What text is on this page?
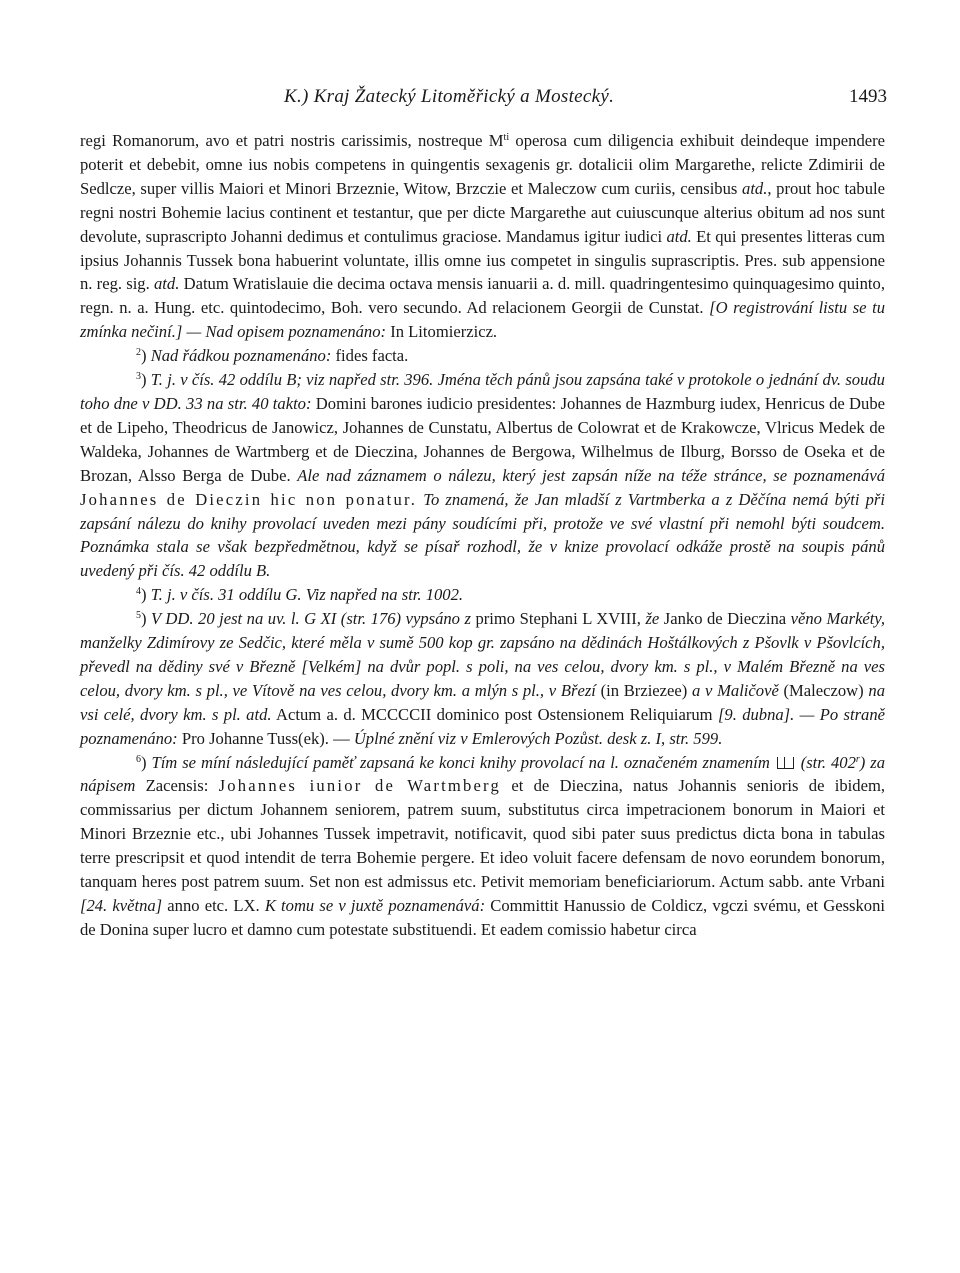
K.) Kraj Žatecký Litoměřický a Mostecký.	1493

regi Romanorum, avo et patri nostris carissimis, nostreque $M^{ti}$ operosa cum diligencia exhibuit deindeque impendere poterit et debebit, omne ius nobis competens in quingentis sexagenis gr. dotalicii olim Margarethe, relicte Zdimirii de Sedlcze, super villis Maiori et Minori Brzeznie, Witow, Brzczie et Maleczow cum curiis, censibus atd., prout hoc tabule regni nostri Bohemie lacius continent et testantur, que per dicte Margarethe aut cuiuscunque alterius obitum ad nos sunt devolute, suprascripto Johanni dedimus et contulimus graciose. Mandamus igitur iudici atd. Et qui presentes litteras cum ipsius Johannis Tussek bona habuerint voluntate, illis omne ius competet in singulis suprascriptis. Pres. sub appensione n. reg. sig. atd. Datum Wratislauie die decima octava mensis ianuarii a. d. mill. quadringentesimo quinquagesimo quinto, regn. n. a. Hung. etc. quintodecimo, Boh. vero secundo. Ad relacionem Georgii de Cunstat. [O registrování listu se tu zmínka nečiní.] — Nad opisem poznamenáno: In Litomierzicz.

$^2$) Nad řádkou poznamenáno: fides facta.

$^3$) T. j. v čís. 42 oddílu B; viz napřed str. 396. Jména těch pánů jsou zapsána také v protokole o jednání dv. soudu toho dne v DD. 33 na str. 40 takto: Domini barones iudicio presidentes: Johannes de Hazmburg iudex, Henricus de Dube et de Lipeho, Theodricus de Janowicz, Johannes de Cunstatu, Albertus de Colowrat et de Krakowcze, Vlricus Medek de Waldeka, Johannes de Wartmberg et de Dieczina, Johannes de Bergowa, Wilhelmus de Ilburg, Borsso de Oseka et de Brozan, Alsso Berga de Dube. Ale nad záznamem o nálezu, který jest zapsán níže na téže stránce, se poznamenává Johannes de Dieczin hic non ponatur. To znamená, že Jan mladší z Vartmberka a z Děčína nemá býti při zapsání nálezu do knihy provolací uveden mezi pány soudícími při, protože ve své vlastní při nemohl býti soudcem. Poznámka stala se však bezpředmětnou, když se písař rozhodl, že v knize provolací odkáže prostě na soupis pánů uvedený při čís. 42 oddílu B.

$^4$) T. j. v čís. 31 oddílu G. Viz napřed na str. 1002.

$^5$) V DD. 20 jest na uv. l. G XI (str. 176) vypsáno z primo Stephani L XVIII, že Janko de Dieczina věno Markéty, manželky Zdimírovy ze Sedčic, které měla v sumě 500 kop gr. zapsáno na dědinách Hoštálkových z Pšovlk v Pšovlcích, převedl na dědiny své v Březně [Velkém] na dvůr popl. s poli, na ves celou, dvory km. s pl., v Malém Březně na ves celou, dvory km. s pl., ve Vítově na ves celou, dvory km. a mlýn s pl., v Březí (in Brziezee) a v Maličově (Maleczow) na vsi celé, dvory km. s pl. atd. Actum a. d. MCCCCII dominico post Ostensionem Reliquiarum [9. dubna]. — Po straně poznamenáno: Pro Johanne Tuss(ek). — Úplné znění viz v Emlerových Pozůst. desk z. I, str. 599.

$^6$) Tím se míní následující paměť zapsaná ke konci knihy provolací na l. označeném znamením (str. 402$^r$) za nápisem Zacensis: Johannes iunior de Wartmberg et de Dieczina, natus Johannis senioris de ibidem, commissarius per dictum Johannem seniorem, patrem suum, substitutus circa impetracionem bonorum in Maiori et Minori Brzeznie etc., ubi Johannes Tussek impetravit, notificavit, quod sibi pater suus predictus dicta bona in tabulas terre prescripsit et quod intendit de terra Bohemie pergere. Et ideo voluit facere defensam de novo eorundem bonorum, tanquam heres post patrem suum. Set non est admissus etc. Petivit memoriam beneficiariorum. Actum sabb. ante Vrbani [24. května] anno etc. LX. K tomu se v juxtě poznamenává: Committit Hanussio de Coldicz, vgczi svému, et Gesskoni de Donina super lucro et damno cum potestate substituendi. Et eadem comissio habetur circa
